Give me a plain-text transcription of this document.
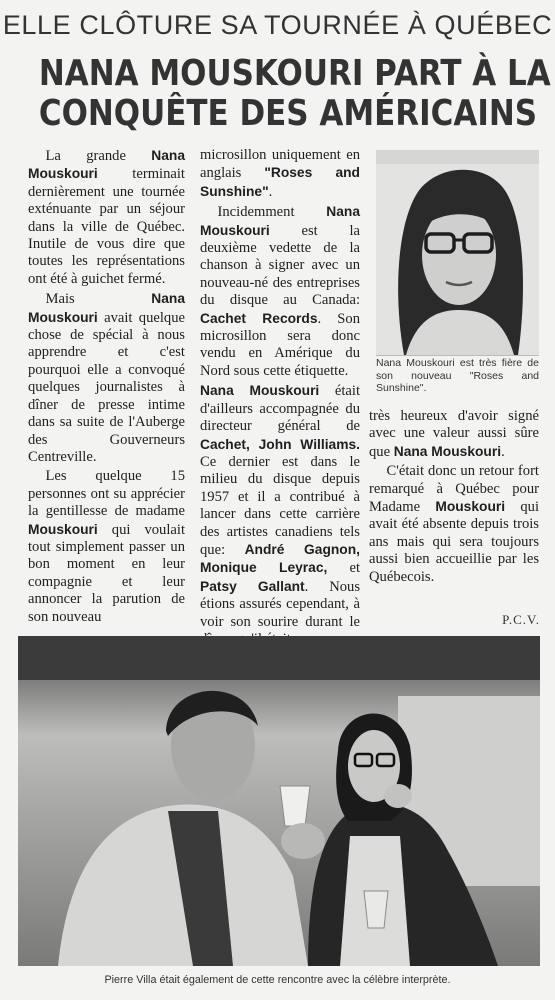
ELLE CLÔTURE SA TOURNÉE À QUÉBEC
NANA MOUSKOURI PART À LA
CONQUÊTE DES AMÉRICAINS

La grande Nana Mouskouri terminait dernièrement une tournée exténuante par un séjour dans la ville de Québec. Inutile de vous dire que toutes les représentations ont été à guichet fermé.

Mais Nana Mouskouri avait quelque chose de spécial à nous apprendre et c'est pourquoi elle a convoqué quelques journalistes à dîner de presse intime dans sa suite de l'Auberge des Gouverneurs Centreville.

Les quelque 15 personnes ont su apprécier la gentillesse de madame Mouskouri qui voulait tout simplement passer un bon moment en leur compagnie et leur annoncer la parution de son nouveau

microsillon uniquement en anglais "Roses and Sunshine".

Incidemment Nana Mouskouri est la deuxième vedette de la chanson à signer avec un nouveau-né des entreprises du disque au Canada: Cachet Records. Son microsillon sera donc vendu en Amérique du Nord sous cette étiquette.

Nana Mouskouri était d'ailleurs accompagnée du directeur général de Cachet, John Williams. Ce dernier est dans le milieu du disque depuis 1957 et il a contribué à lancer dans cette carrière des artistes canadiens tels que: André Gagnon, Monique Leyrac, et Patsy Gallant. Nous étions assurés cependant, à voir son sourire durant le

Nana Mouskouri est très fière de son nouveau "Roses and Sunshine".

très heureux d'avoir signé avec une valeur aussi sûre que Nana Mouskouri.

C'était donc un retour fort remarqué à Québec pour Madame Mouskouri qui avait été absente depuis trois ans mais qui sera toujours aussi bien accueillie par les Québecois.

P.C.V.
Pierre Villa était également de cette rencontre avec la célèbre interprète.
